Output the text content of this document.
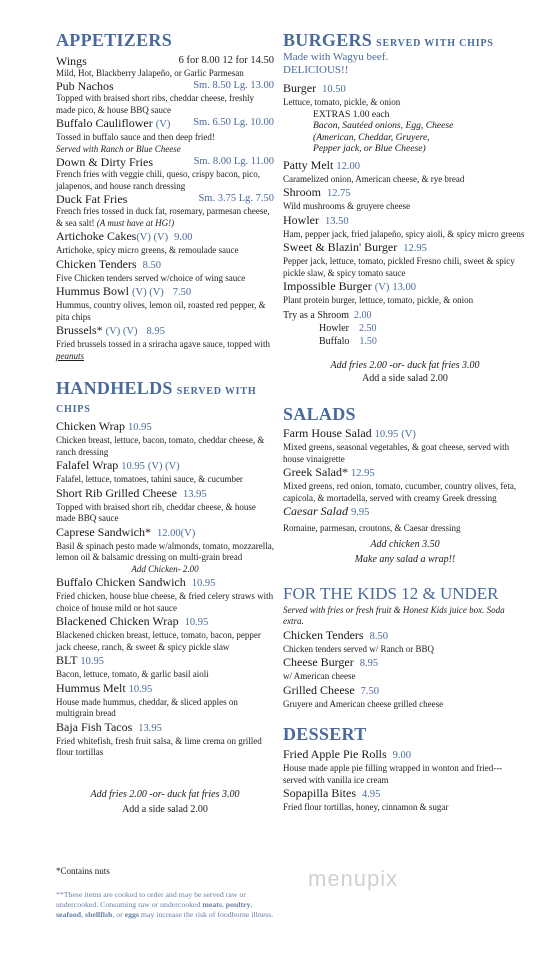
APPETIZERS
Wings	6 for 8.00 12 for 14.50
Mild, Hot, Blackberry Jalapeño, or Garlic Parmesan
Pub Nachos	Sm. 8.50 Lg. 13.00
Topped with braised short ribs, cheddar cheese, freshly made pico, & house BBQ sauce
Buffalo Cauliflower (V) Sm. 6.50 Lg. 10.00
Tossed in buffalo sauce and then deep fried!
Served with Ranch or Blue Cheese
Down & Dirty Fries	Sm. 8.00 Lg. 11.00
French fries with veggie chili, queso, crispy bacon, pico, jalapenos, and house ranch dressing
Duck Fat Fries	Sm. 3.75 Lg. 7.50
French fries tossed in duck fat, rosemary, parmesan cheese, & sea salt! (A must have at HG!)
Artichoke Cakes(V) (V) 9.00
Artichoke, spicy micro greens, & remoulade sauce
Chicken Tenders 8.50
Five Chicken tenders served w/choice of wing sauce
Hummus Bowl (V) (V) 7.50
Hummus, country olives, lemon oil, roasted red pepper, & pita chips
Brussels* (V) (V) 8.95
Fried brussels tossed in a sriracha agave sauce, topped with peanuts
HANDHELDS SERVED WITH CHIPS
Chicken Wrap 10.95
Chicken breast, lettuce, bacon, tomato, cheddar cheese, & ranch dressing
Falafel Wrap 10.95 (V) (V)
Falafel, lettuce, tomatoes, tahini sauce, & cucumber
Short Rib Grilled Cheese 13.95
Topped with braised short rib, cheddar cheese, & house made BBQ sauce
Caprese Sandwich* 12.00(V)
Basil & spinach pesto made w/almonds, tomato, mozzarella, lemon oil & balsamic dressing on multi-grain bread
Add Chicken- 2.00
Buffalo Chicken Sandwich 10.95
Fried chicken, house blue cheese, & fried celery straws with choice of house mild or hot sauce
Blackened Chicken Wrap 10.95
Blackened chicken breast, lettuce, tomato, bacon, pepper jack cheese, ranch, & sweet & spicy pickle slaw
BLT 10.95
Bacon, lettuce, tomato, & garlic basil aioli
Hummus Melt 10.95
House made hummus, cheddar, & sliced apples on multigrain bread
Baja Fish Tacos 13.95
Fried whitefish, fresh fruit salsa, & lime crema on grilled flour tortillas
Add fries 2.00 -or- duck fat fries 3.00
Add a side salad 2.00
*Contains nuts
**These items are cooked to order and may be served raw or undercooked. Consuming raw or undercooked meats, poultry, seafood, shellfish, or eggs may increase the risk of foodborne illness.
BURGERS SERVED WITH CHIPS
Made with Wagyu beef.
DELICIOUS!!
Burger 10.50
Lettuce, tomato, pickle, & onion
EXTRAS 1.00 each
Bacon, Sautéed onions, Egg, Cheese
(American, Cheddar, Gruyere,
Pepper jack, or Blue Cheese)
Patty Melt 12.00
Caramelized onion, American cheese, & rye bread
Shroom 12.75
Wild mushrooms & gruyere cheese
Howler 13.50
Ham, pepper jack, fried jalapeño, spicy aioli, & spicy micro greens
Sweet & Blazin' Burger 12.95
Pepper jack, lettuce, tomato, pickled Fresno chili, sweet & spicy pickle slaw, & spicy tomato sauce
Impossible Burger (V) 13.00
Plant protein burger, lettuce, tomato, pickle, & onion
Try as a Shroom 2.00
Howler 2.50
Buffalo 1.50
Add fries 2.00 -or- duck fat fries 3.00
Add a side salad 2.00
SALADS
Farm House Salad 10.95 (V)
Mixed greens, seasonal vegetables, & goat cheese, served with house vinaigrette
Greek Salad* 12.95
Mixed greens, red onion, tomato, cucumber, country olives, feta, capicola, & mortadella, served with creamy Greek dressing
Caesar Salad 9.95
Romaine, parmesan, croutons, & Caesar dressing
Add chicken 3.50
Make any salad a wrap!!
FOR THE KIDS 12 & UNDER
Served with fries or fresh fruit & Honest Kids juice box. Soda extra.
Chicken Tenders 8.50
Chicken tenders served w/ Ranch or BBQ
Cheese Burger 8.95
w/ American cheese
Grilled Cheese 7.50
Gruyere and American cheese grilled cheese
DESSERT
Fried Apple Pie Rolls 9.00
House made apple pie filling wrapped in wonton and fried--- served with vanilla ice cream
Sopapilla Bites 4.95
Fried flour tortillas, honey, cinnamon & sugar
menupix
